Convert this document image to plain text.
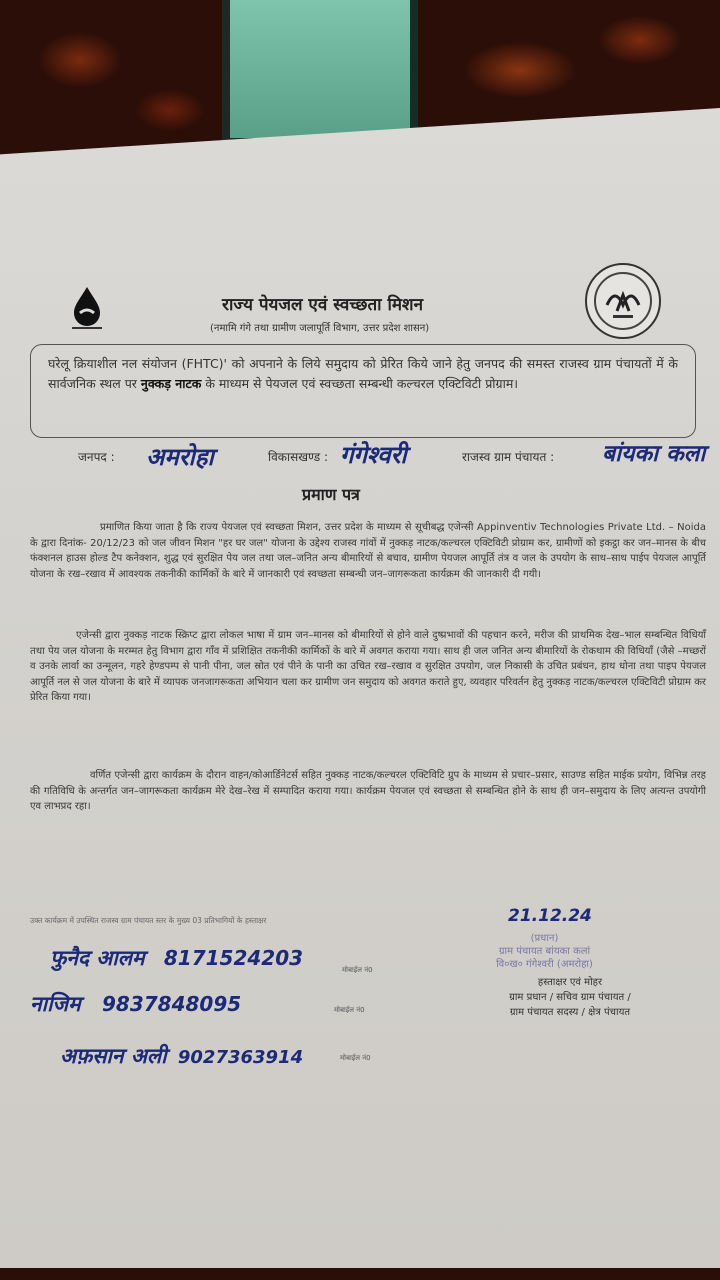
राज्य पेयजल एवं स्वच्छता मिशन
(नमामि गंगे तथा ग्रामीण जलापूर्ति विभाग, उत्तर प्रदेश शासन)
घरेलू क्रियाशील नल संयोजन (FHTC)' को अपनाने के लिये समुदाय को प्रेरित किये जाने हेतु जनपद की समस्त राजस्व ग्राम पंचायतों में के सार्वजनिक स्थल पर नुक्कड़ नाटक के माध्यम से पेयजल एवं स्वच्छता सम्बन्धी कल्चरल एक्टिविटी प्रोग्राम।
जनपद : अमरोहा	विकासखण्ड : गंगेश्वरी	राजस्व ग्राम पंचायत : बांयका कला
प्रमाण पत्र
प्रमाणित किया जाता है कि राज्य पेयजल एवं स्वच्छता मिशन, उत्तर प्रदेश के माध्यम से सूचीबद्ध एजेन्सी Appinventiv Technologies Private Ltd. – Noida के द्वारा दिनांक- 20/12/23 को जल जीवन मिशन "हर घर जल" योजना के उद्देश्य राजस्व गांवों में नुक्कड़ नाटक/कल्चरल एक्टिविटी प्रोग्राम कर, ग्रामीणों को इकट्ठा कर जन–मानस के बीच फंक्शनल हाउस होल्ड टैप कनेक्शन, शुद्ध एवं सुरक्षित पेय जल तथा जल–जनित अन्य बीमारियों से बचाव, ग्रामीण पेयजल आपूर्ति तंत्र व जल के उपयोग के साथ–साथ पाईप पेयजल आपूर्ति योजना के रख–रखाव में आवश्यक तकनीकी कार्मिकों के बारे में जानकारी एवं स्वच्छता सम्बन्धी जन–जागरूकता कार्यक्रम की जानकारी दी गयी।
एजेन्सी द्वारा नुक्कड़ नाटक स्क्रिप्ट द्वारा लोकल भाषा में ग्राम जन–मानस को बीमारियों से होने वाले दुष्प्रभावों की पहचान करने, मरीज की प्राथमिक देख–भाल सम्बन्धित विधियाँ तथा पेय जल योजना के मरम्मत हेतु विभाग द्वारा गाँव में प्रशिक्षित तकनीकी कार्मिकों के बारे में अवगत कराया गया। साथ ही जल जनित अन्य बीमारियों के रोकथाम की विधियाँ (जैसे –मच्छरों व उनके लार्वा का उन्मूलन, गहरे हेण्डपम्प से पानी पीना, जल स्रोत एवं पीने के पानी का उचित रख–रखाव व सुरक्षित उपयोग, जल निकासी के उचित प्रबंधन, हाथ धोना तथा पाइप पेयजल आपूर्ति नल से जल योजना के बारे में व्यापक जनजागरूकता अभियान चला कर ग्रामीण जन समुदाय को अवगत कराते हुए, व्यवहार परिवर्तन हेतु नुक्कड़ नाटक/कल्चरल एक्टिविटी प्रोग्राम कर प्रेरित किया गया।
वर्णित एजेन्सी द्वारा कार्यक्रम के दौरान वाहन/कोआर्डिनेटर्स सहित नुक्कड़ नाटक/कल्चरल एक्टिविटि ग्रुप के माध्यम से प्रचार–प्रसार, साउण्ड सहित माईक प्रयोग, विभिन्न तरह की गतिविधि के अन्तर्गत जन–जागरूकता कार्यक्रम मेरे देख–रेख में सम्पादित कराया गया। कार्यक्रम पेयजल एवं स्वच्छता से सम्बन्धित होने के साथ ही जन–समुदाय के लिए अत्यन्त उपयोगी एव लाभप्रद रहा।
उक्त कार्यक्रम में उपस्थित राजस्व ग्राम पंचायत स्तर के मुख्य 03 प्रतिभागियों के हस्ताक्षर
फुनैद आलम 8171524203	मोबाईल नं0
नाजिम 9837848095	मोबाईल नं0
अफ़सान अली 9027363914	मोबाईल नं0
21.12.24
(प्रधान)
ग्राम पंचायत बांयका कलां
वि०ख० गंगेश्वरी (अमरोहा)
हस्ताक्षर एवं मोहर
ग्राम प्रधान / सचिव ग्राम पंचायत /
ग्राम पंचायत सदस्य / क्षेत्र पंचायत
